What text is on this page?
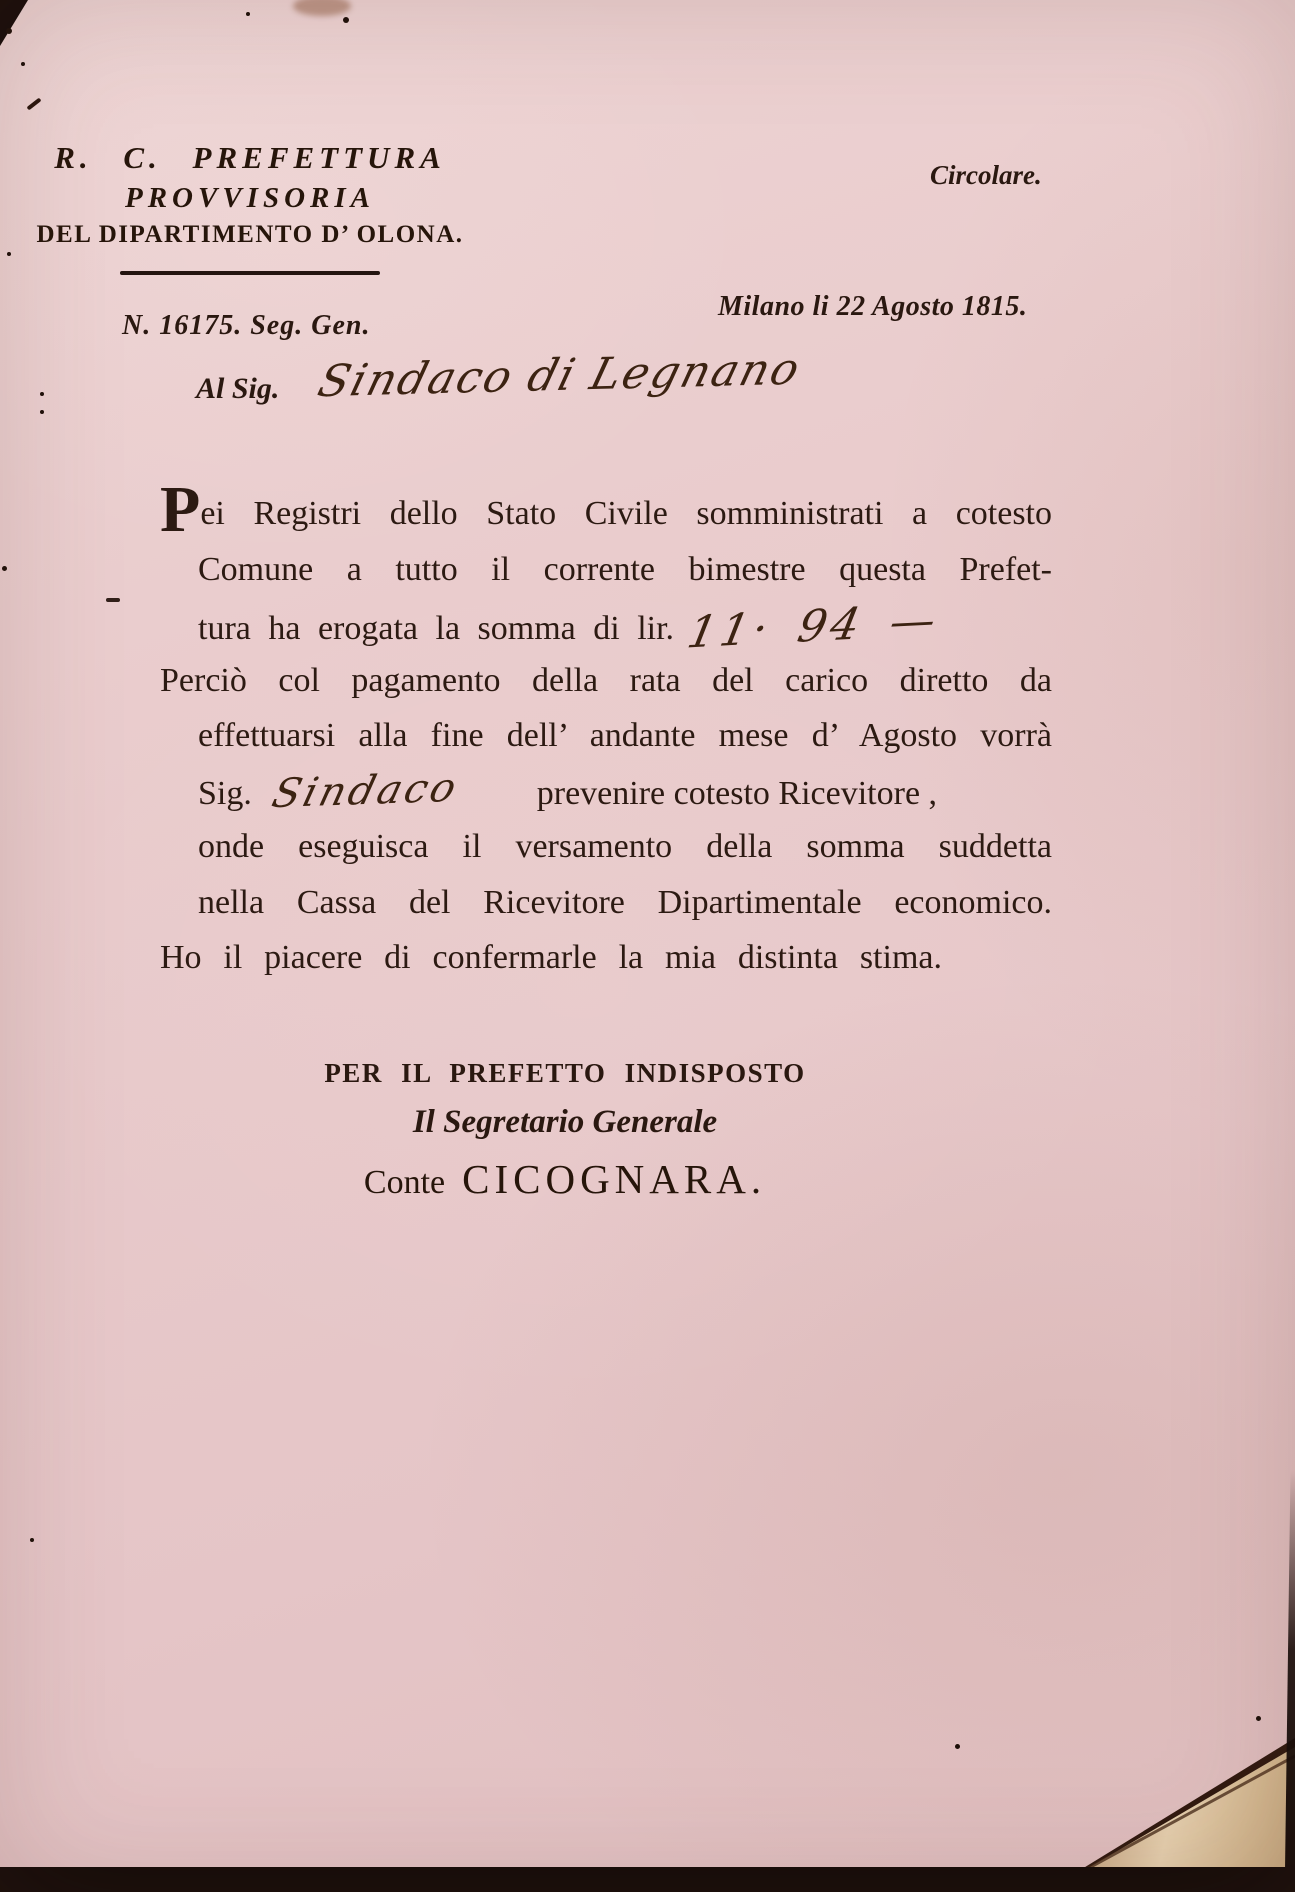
R. C. PREFETTURA
PROVVISORIA
DEL DIPARTIMENTO D’ OLONA.
N. 16175. Seg. Gen.
Circolare.
Milano li 22 Agosto 1815.
Al Sig. Sindaco di Legnano
Pei Registri dello Stato Civile somministrati a cotesto
Comune a tutto il corrente bimestre questa Prefet-
tura ha erogata la somma di lir. 11· 94 —
Perciò col pagamento della rata del carico diretto da
effettuarsi alla fine dell’ andante mese d’ Agosto vorrà
Sig. Sindaco prevenire cotesto Ricevitore ,
onde eseguisca il versamento della somma suddetta
nella Cassa del Ricevitore Dipartimentale economico.
Ho il piacere di confermarle la mia distinta stima.
PER IL PREFETTO INDISPOSTO
Il Segretario Generale
Conte CICOGNARA.
